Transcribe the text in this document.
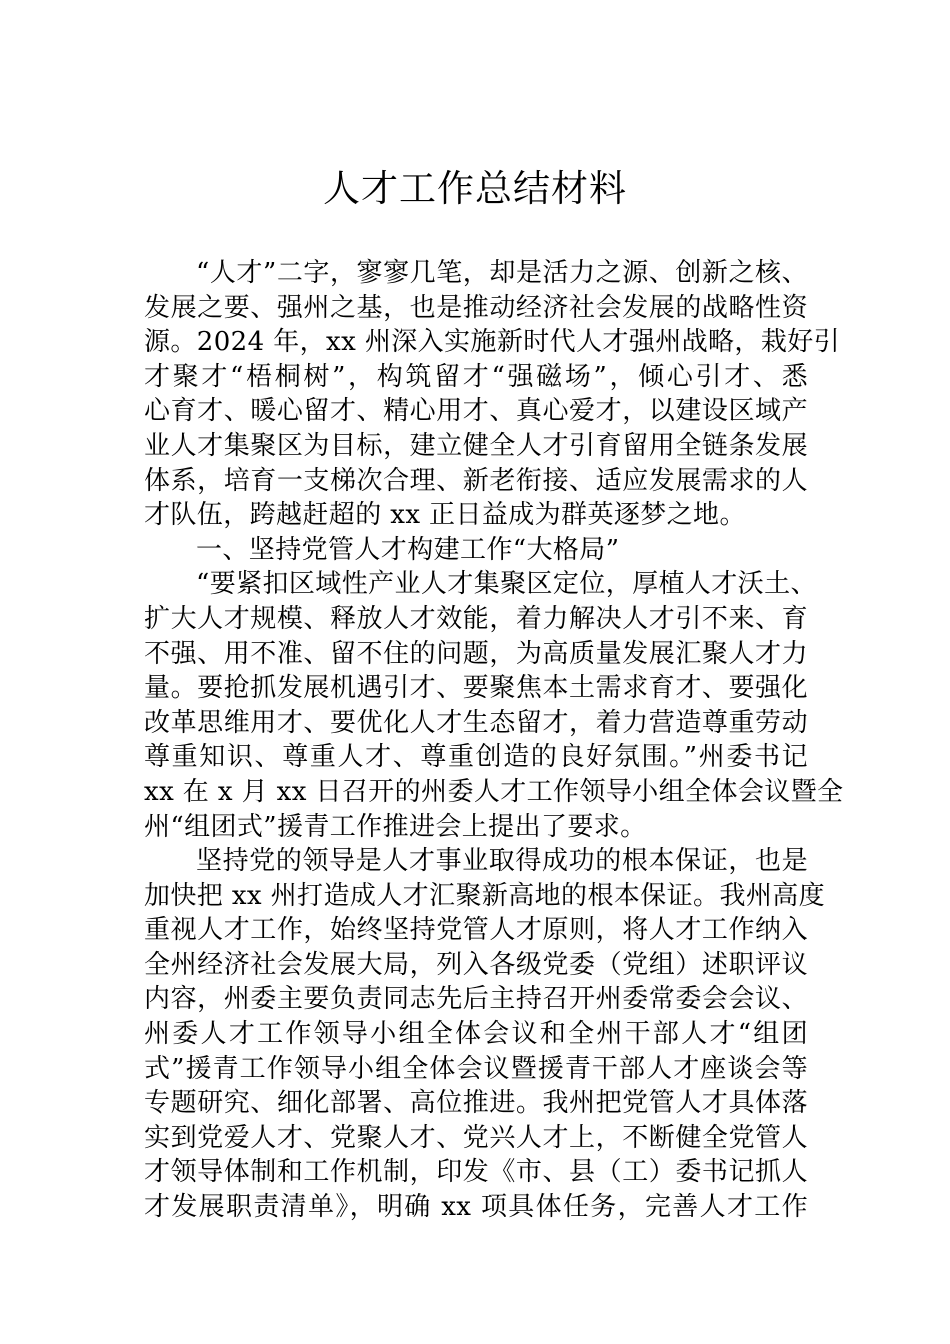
人才工作总结材料
“人才”二字，寥寥几笔，却是活力之源、创新之核、
发展之要、强州之基，也是推动经济社会发展的战略性资
源。2024 年，xx 州深入实施新时代人才强州战略，栽好引
才聚才“梧桐树”，构筑留才“强磁场”，倾心引才、悉
心育才、暖心留才、精心用才、真心爱才，以建设区域产
业人才集聚区为目标，建立健全人才引育留用全链条发展
体系，培育一支梯次合理、新老衔接、适应发展需求的人
才队伍，跨越赶超的 xx 正日益成为群英逐梦之地。
一、坚持党管人才构建工作“大格局”
“要紧扣区域性产业人才集聚区定位，厚植人才沃土、
扩大人才规模、释放人才效能，着力解决人才引不来、育
不强、用不准、留不住的问题，为高质量发展汇聚人才力
量。要抢抓发展机遇引才、要聚焦本土需求育才、要强化
改革思维用才、要优化人才生态留才，着力营造尊重劳动
尊重知识、尊重人才、尊重创造的良好氛围。”州委书记
xx 在 x 月 xx 日召开的州委人才工作领导小组全体会议暨全
州“组团式”援青工作推进会上提出了要求。
坚持党的领导是人才事业取得成功的根本保证，也是
加快把 xx 州打造成人才汇聚新高地的根本保证。我州高度
重视人才工作，始终坚持党管人才原则，将人才工作纳入
全州经济社会发展大局，列入各级党委（党组）述职评议
内容，州委主要负责同志先后主持召开州委常委会会议、
州委人才工作领导小组全体会议和全州干部人才“组团
式”援青工作领导小组全体会议暨援青干部人才座谈会等
专题研究、细化部署、高位推进。我州把党管人才具体落
实到党爱人才、党聚人才、党兴人才上，不断健全党管人
才领导体制和工作机制，印发《市、县（工）委书记抓人
才发展职责清单》，明确 xx 项具体任务，完善人才工作
